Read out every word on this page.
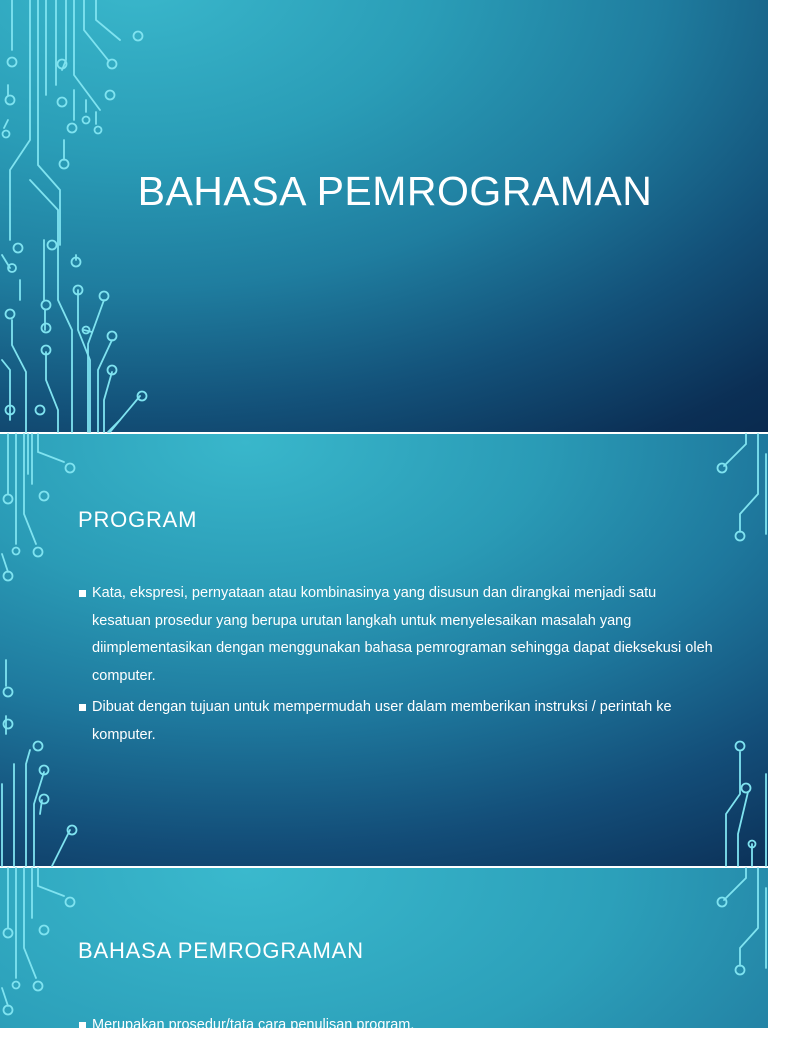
BAHASA PEMROGRAMAN
PROGRAM
Kata, ekspresi, pernyataan atau kombinasinya yang disusun dan dirangkai menjadi satu kesatuan prosedur yang berupa urutan langkah untuk menyelesaikan masalah yang diimplementasikan dengan menggunakan bahasa pemrograman sehingga dapat dieksekusi oleh computer.
Dibuat dengan tujuan untuk mempermudah user dalam memberikan instruksi / perintah ke komputer.
BAHASA PEMROGRAMAN
Merupakan prosedur/tata cara penulisan program.
